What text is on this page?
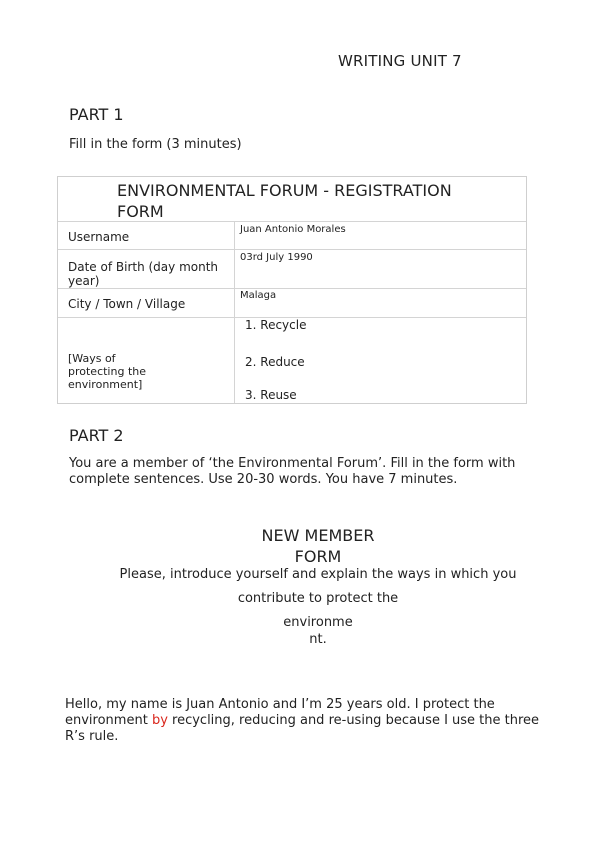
WRITING UNIT 7
PART 1
Fill in the form (3 minutes)
ENVIRONMENTAL FORUM - REGISTRATION
FORM
Username
Juan Antonio Morales
Date of Birth (day month year)
03rd July 1990
City / Town / Village
Malaga
[Ways of
protecting the
environment]
1. Recycle
2. Reduce
3. Reuse
PART 2
You are a member of ‘the Environmental Forum’. Fill in the form with complete sentences. Use 20-30 words. You have 7 minutes.
NEW MEMBER
FORM
Please, introduce yourself and explain the ways in which you
contribute to protect the
environme
nt.
Hello, my name is Juan Antonio and I’m 25 years old. I protect the environment by recycling, reducing and re-using because I use the three R’s rule.
